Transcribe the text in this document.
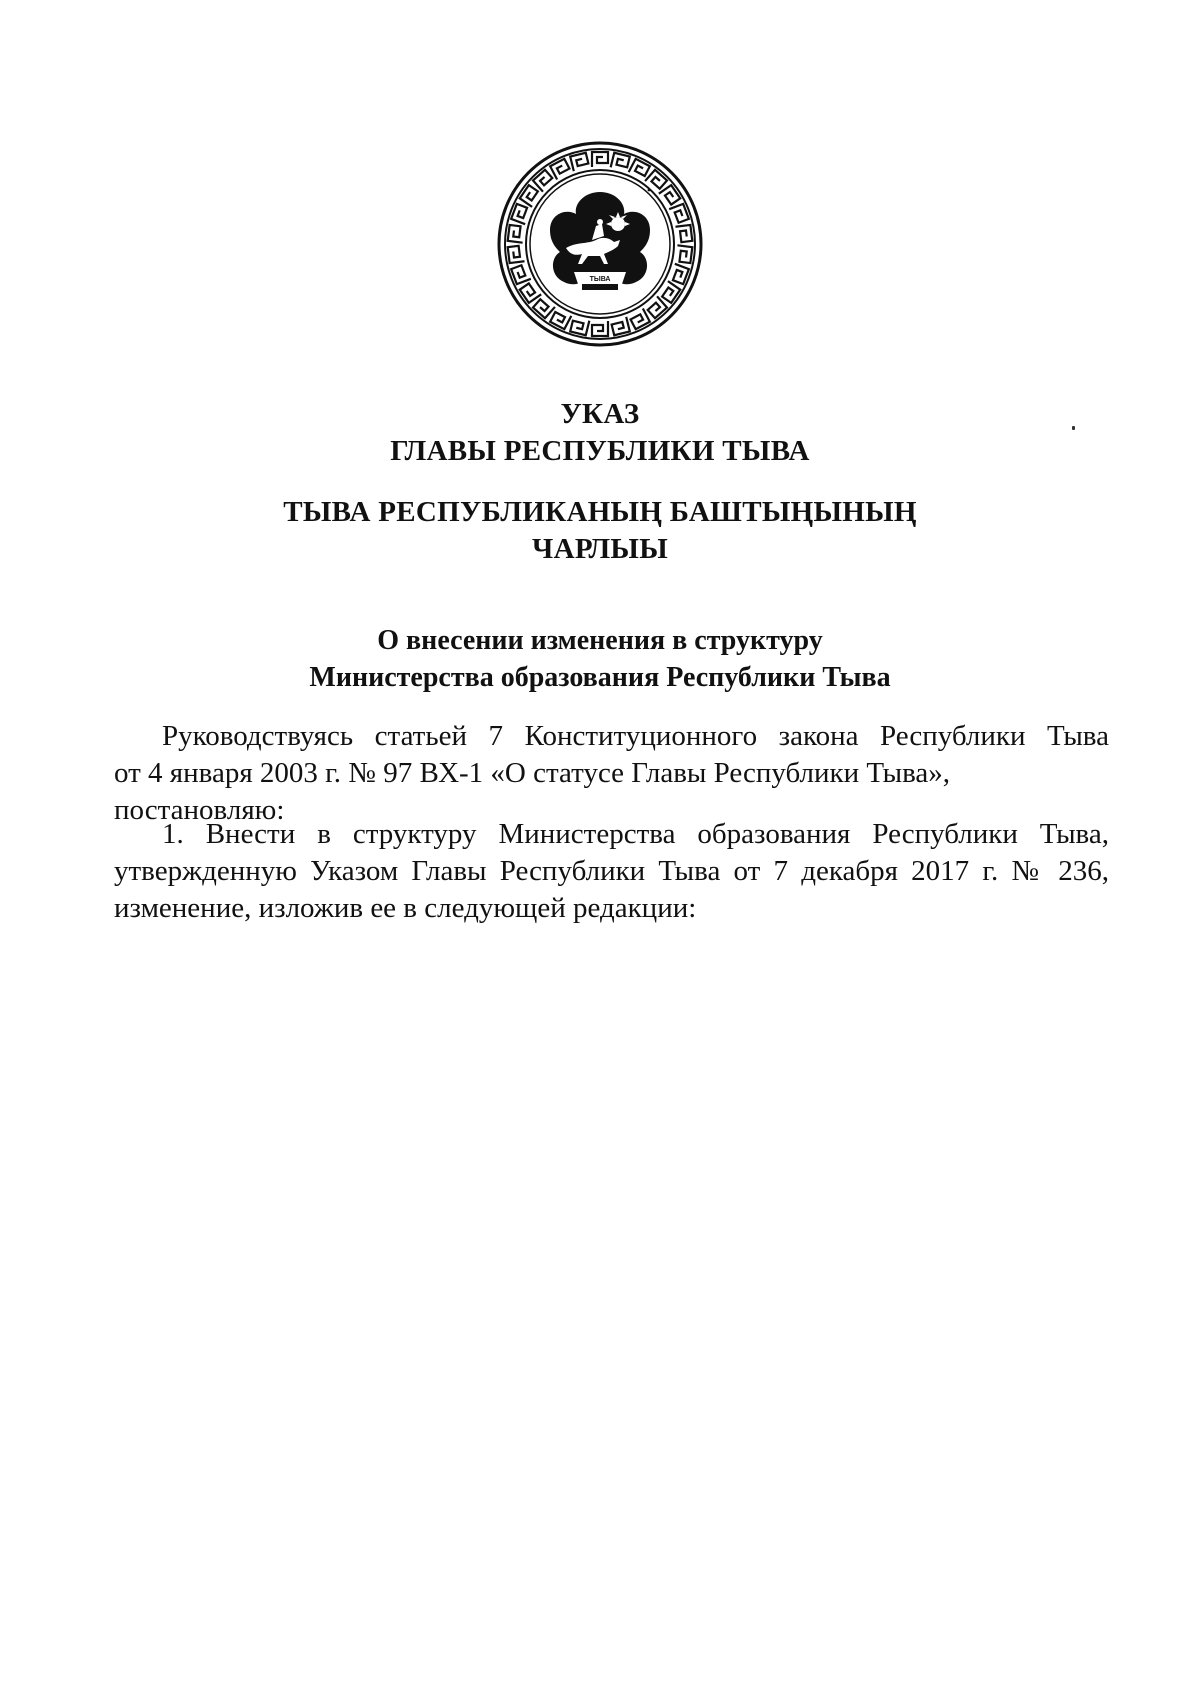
ТЫВА
УКАЗ
ГЛАВЫ РЕСПУБЛИКИ ТЫВА
ТЫВА РЕСПУБЛИКАНЫҢ БАШТЫҢЫНЫҢ
ЧАРЛЫЫ
О внесении изменения в структуру
Министерства образования Республики Тыва
Руководствуясь статьей 7 Конституционного закона Республики Тыва
от 4 января 2003 г. № 97 ВХ-1 «О статусе Главы Республики Тыва», постановляю:
1. Внести в структуру Министерства образования Республики Тыва,
утвержденную Указом Главы Республики Тыва от 7 декабря 2017 г. № 236,
изменение, изложив ее в следующей редакции:
